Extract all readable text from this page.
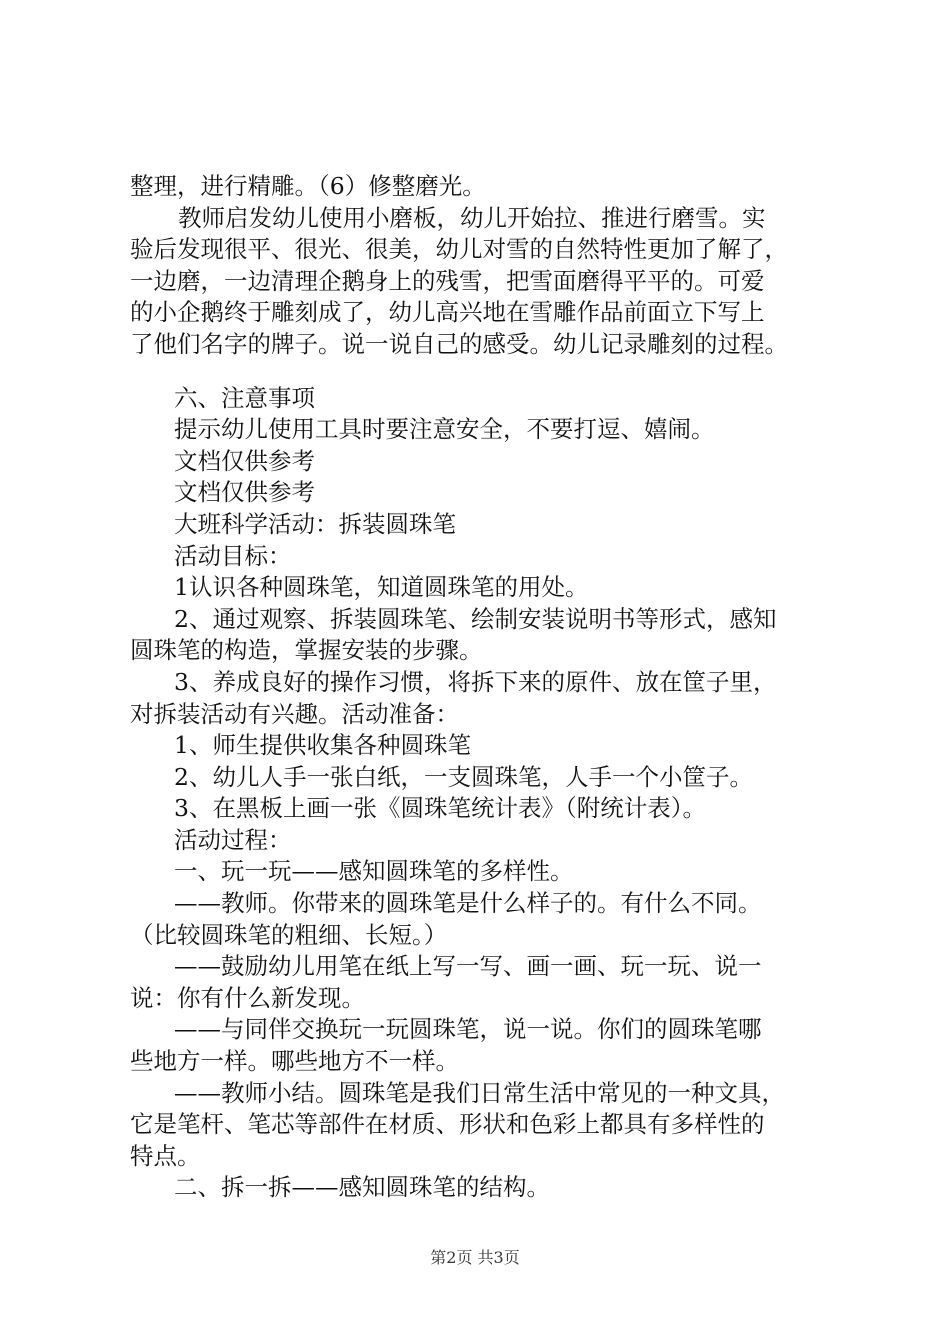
整理，进行精雕。（6）修整磨光。
教师启发幼儿使用小磨板，幼儿开始拉、推进行磨雪。实
验后发现很平、很光、很美，幼儿对雪的自然特性更加了解了，
一边磨，一边清理企鹅身上的残雪，把雪面磨得平平的。可爱
的小企鹅终于雕刻成了，幼儿高兴地在雪雕作品前面立下写上
了他们名字的牌子。说一说自己的感受。幼儿记录雕刻的过程。
六、注意事项
提示幼儿使用工具时要注意安全，不要打逗、嬉闹。
文档仅供参考
文档仅供参考
大班科学活动：拆装圆珠笔
活动目标：
1认识各种圆珠笔，知道圆珠笔的用处。
2、通过观察、拆装圆珠笔、绘制安装说明书等形式，感知
圆珠笔的构造，掌握安装的步骤。
3、养成良好的操作习惯，将拆下来的原件、放在筐子里，
对拆装活动有兴趣。活动准备：
1、师生提供收集各种圆珠笔
2、幼儿人手一张白纸，一支圆珠笔，人手一个小筐子。
3、在黑板上画一张《圆珠笔统计表》（附统计表）。
活动过程：
一、玩一玩——感知圆珠笔的多样性。
——教师。你带来的圆珠笔是什么样子的。有什么不同。
（比较圆珠笔的粗细、长短。）
——鼓励幼儿用笔在纸上写一写、画一画、玩一玩、说一
说：你有什么新发现。
——与同伴交换玩一玩圆珠笔，说一说。你们的圆珠笔哪
些地方一样。哪些地方不一样。
——教师小结。圆珠笔是我们日常生活中常见的一种文具，
它是笔杆、笔芯等部件在材质、形状和色彩上都具有多样性的
特点。
二、拆一拆——感知圆珠笔的结构。
第2页 共3页
